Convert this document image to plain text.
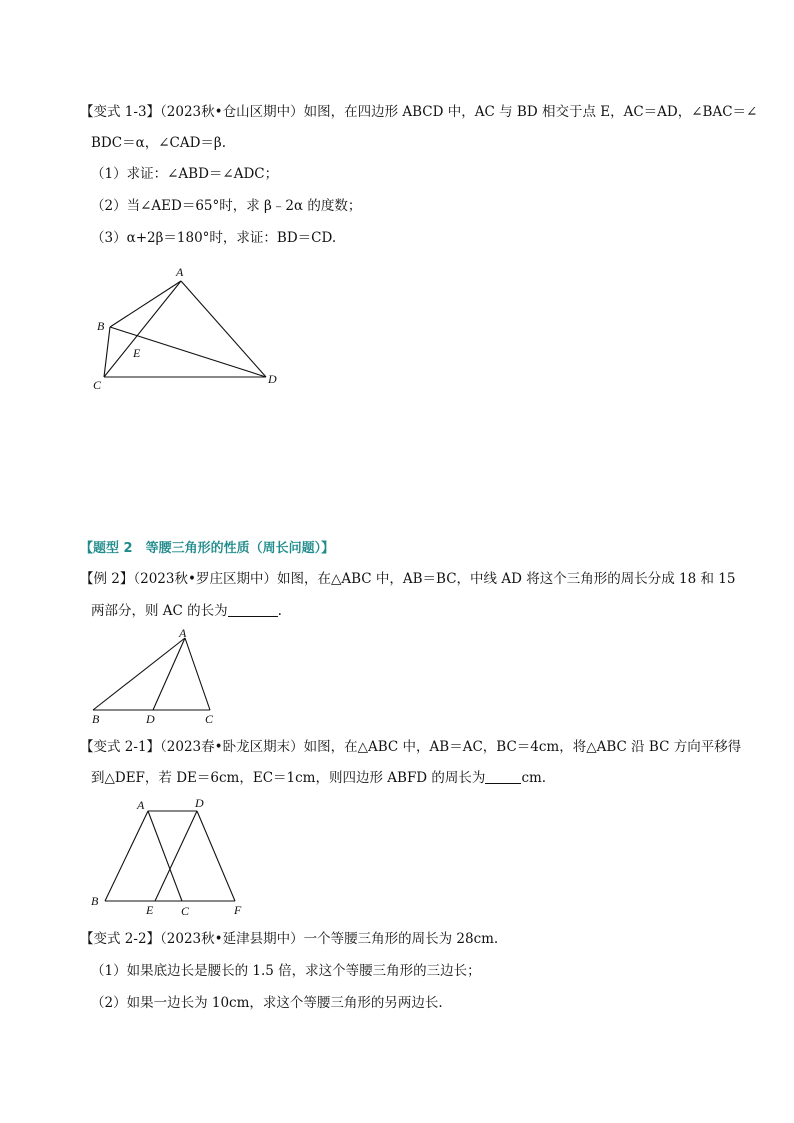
【变式 1-3】（2023秋•仓山区期中）如图，在四边形 ABCD 中，AC 与 BD 相交于点 E，AC＝AD，∠BAC＝∠
BDC＝α，∠CAD＝β.
（1）求证：∠ABD＝∠ADC；
（2）当∠AED＝65°时，求 β﹣2α 的度数；
（3）α+2β＝180°时，求证：BD＝CD.
A
B
C	D
E
【题型 2　等腰三角形的性质（周长问题）】
【例 2】（2023秋•罗庄区期中）如图，在△ABC 中，AB＝BC，中线 AD 将这个三角形的周长分成 18 和 15
两部分，则 AC 的长为	.
A
B	D	C
【变式 2-1】（2023春•卧龙区期末）如图，在△ABC 中，AB＝AC，BC＝4cm，将△ABC 沿 BC 方向平移得
到△DEF，若 DE＝6cm，EC＝1cm，则四边形 ABFD 的周长为	cm.
A	D
B
E C	F
【变式 2-2】（2023秋•延津县期中）一个等腰三角形的周长为 28cm.
（1）如果底边长是腰长的 1.5 倍，求这个等腰三角形的三边长；
（2）如果一边长为 10cm，求这个等腰三角形的另两边长.
